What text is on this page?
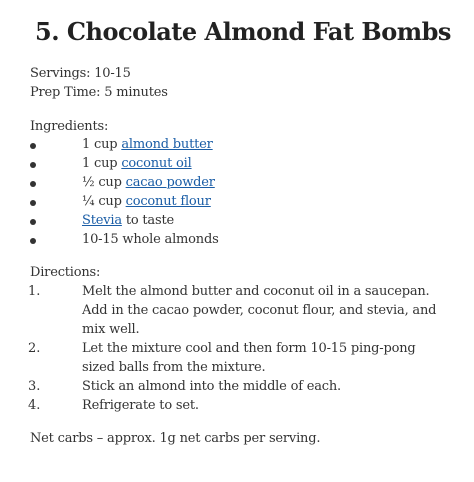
5. Chocolate Almond Fat Bombs
Servings: 10-15
Prep Time: 5 minutes
Ingredients:
1 cup almond butter
1 cup coconut oil
½ cup cacao powder
¼ cup coconut flour
Stevia to taste
10-15 whole almonds
Directions:
1.	Melt the almond butter and coconut oil in a saucepan. Add in the cacao powder, coconut flour, and stevia, and mix well.
2.	Let the mixture cool and then form 10-15 ping-pong sized balls from the mixture.
3.	Stick an almond into the middle of each.
4.	Refrigerate to set.
Net carbs – approx. 1g net carbs per serving.
